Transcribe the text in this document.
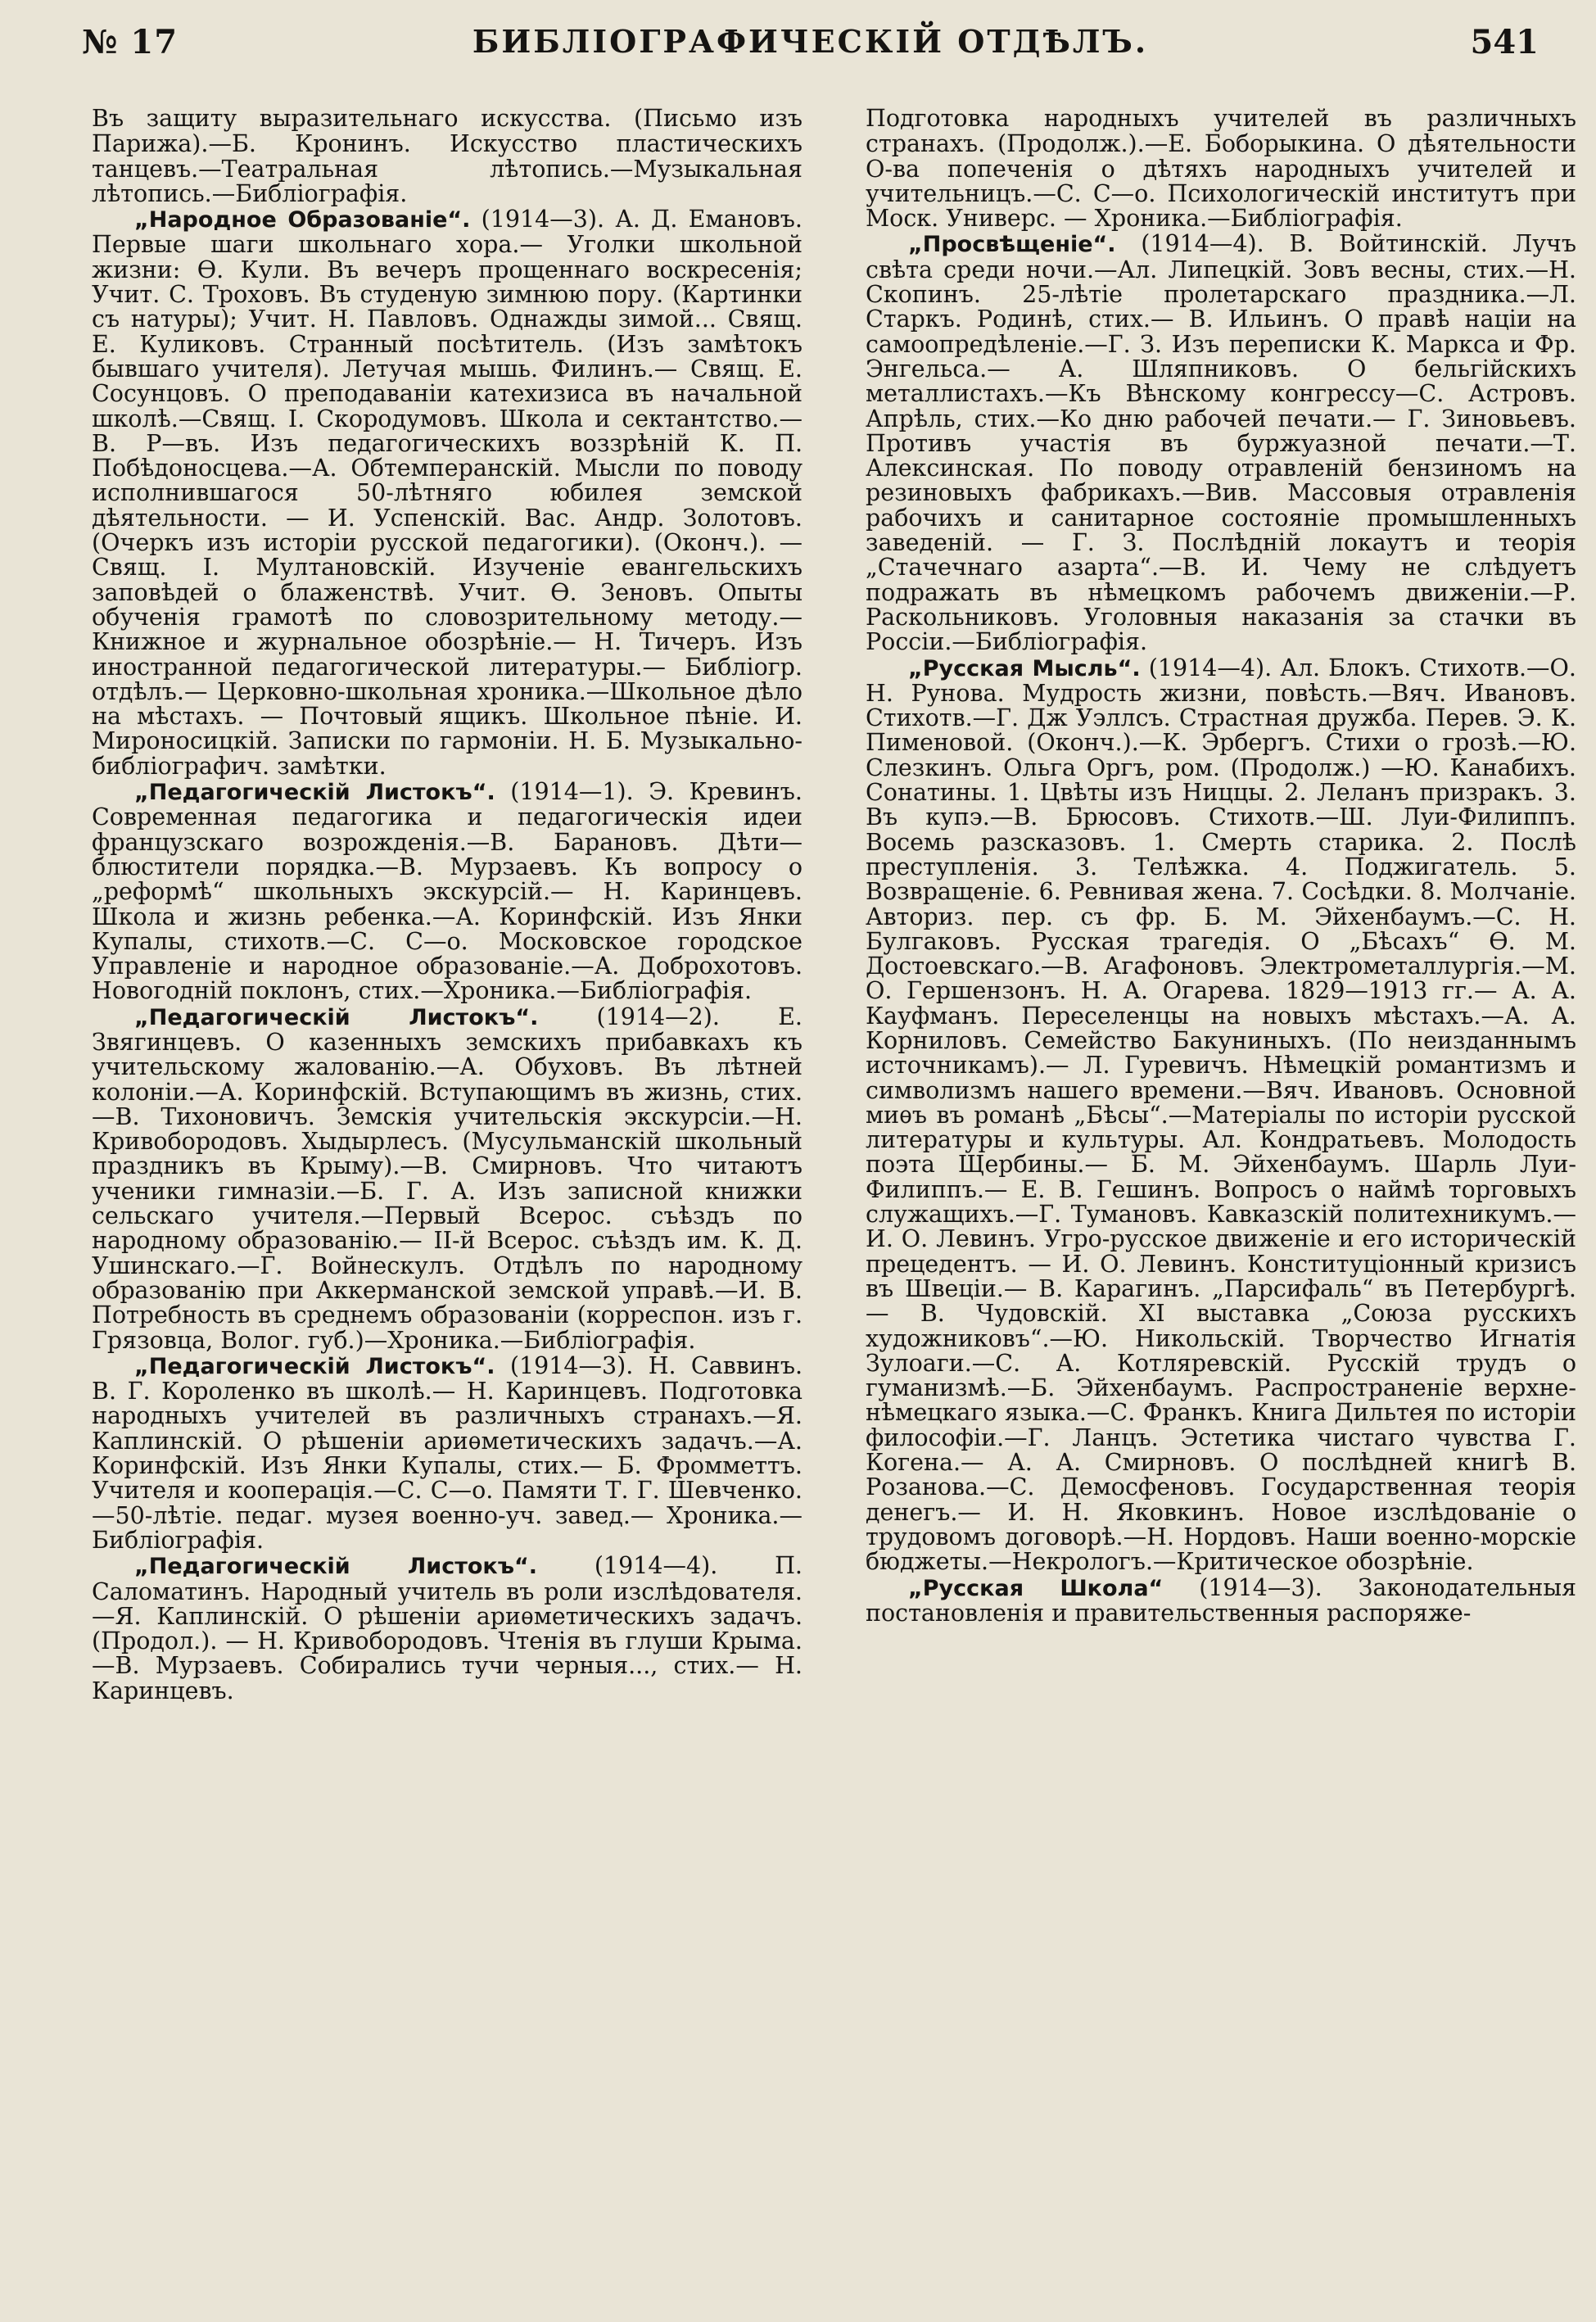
№ 17	БИБЛІОГРАФИЧЕСКІЙ ОТДѢЛЪ.	541

Въ защиту выразительнаго искусства. (Письмо изъ Парижа).—Б. Кронинъ. Искусство пластическихъ танцевъ.—Театральная лѣтопись.—Музыкальная лѣтопись.—Библіографія.

„Народное Образованіе“. (1914—3). А. Д. Емановъ. Первые шаги школьнаго хора.— Уголки школьной жизни: Ѳ. Кули. Въ вечеръ прощеннаго воскресенія; Учит. С. Троховъ. Въ студеную зимнюю пору. (Картинки съ натуры); Учит. Н. Павловъ. Однажды зимой... Свящ. Е. Куликовъ. Странный посѣтитель. (Изъ замѣтокъ бывшаго учителя). Летучая мышь. Филинъ.— Свящ. Е. Сосунцовъ. О преподаваніи катехизиса въ начальной школѣ.—Свящ. І. Скородумовъ. Школа и сектантство.— В. Р—въ. Изъ педагогическихъ воззрѣній К. П. Побѣдоносцева.—А. Обтемперанскій. Мысли по поводу исполнившагося 50-лѣтняго юбилея земской дѣятельности. — И. Успенскій. Вас. Андр. Золотовъ. (Очеркъ изъ исторіи русской педагогики). (Оконч.). — Свящ. І. Мултановскій. Изученіе евангельскихъ заповѣдей о блаженствѣ. Учит. Ѳ. Зеновъ. Опыты обученія грамотѣ по словозрительному методу.— Книжное и журнальное обозрѣніе.— Н. Тичеръ. Изъ иностранной педагогической литературы.— Библіогр. отдѣлъ.— Церковно-школьная хроника.—Школьное дѣло на мѣстахъ. — Почтовый ящикъ. Школьное пѣніе. И. Мироносицкій. Записки по гармоніи. Н. Б. Музыкально-библіографич. замѣтки.

„Педагогическій Листокъ“. (1914—1). Э. Кревинъ. Современная педагогика и педагогическія идеи французскаго возрожденія.—В. Барановъ. Дѣти—блюстители порядка.—В. Мурзаевъ. Къ вопросу о „реформѣ“ школьныхъ экскурсій.— Н. Каринцевъ. Школа и жизнь ребенка.—А. Коринфскій. Изъ Янки Купалы, стихотв.—С. С—о. Московское городское Управленіе и народное образованіе.—А. Доброхотовъ. Новогодній поклонъ, стих.—Хроника.—Библіографія.

„Педагогическій Листокъ“. (1914—2). Е. Звягинцевъ. О казенныхъ земскихъ прибавкахъ къ учительскому жалованію.—А. Обуховъ. Въ лѣтней колоніи.—А. Коринфскій. Вступающимъ въ жизнь, стих.—В. Тихоновичъ. Земскія учительскія экскурсіи.—Н. Кривобородовъ. Хыдырлесъ. (Мусульманскій школьный праздникъ въ Крыму).—В. Смирновъ. Что читаютъ ученики гимназіи.—Б. Г. А. Изъ записной книжки сельскаго учителя.—Первый Всерос. съѣздъ по народному образованію.— ІІ-й Всерос. съѣздъ им. К. Д. Ушинскаго.—Г. Войнескулъ. Отдѣлъ по народному образованію при Аккерманской земской управѣ.—И. В. Потребность въ среднемъ образованіи (корреспон. изъ г. Грязовца, Волог. губ.)—Хроника.—Библіографія.

„Педагогическій Листокъ“. (1914—3). Н. Саввинъ. В. Г. Короленко въ школѣ.— Н. Каринцевъ. Подготовка народныхъ учителей въ различныхъ странахъ.—Я. Каплинскій. О рѣшеніи ариѳметическихъ задачъ.—А. Коринфскій. Изъ Янки Купалы, стих.— Б. Фромметтъ. Учителя и кооперація.—С. С—о. Памяти Т. Г. Шевченко.—50-лѣтіе. педаг. музея военно-уч. завед.— Хроника.— Библіографія.

„Педагогическій Листокъ“. (1914—4). П. Саломатинъ. Народный учитель въ роли изслѣдователя.—Я. Каплинскій. О рѣшеніи ариѳметическихъ задачъ. (Продол.). — Н. Кривобородовъ. Чтенія въ глуши Крыма.—В. Мурзаевъ. Собирались тучи черныя..., стих.— Н. Каринцевъ.

Подготовка народныхъ учителей въ различныхъ странахъ. (Продолж.).—Е. Боборыкина. О дѣятельности О-ва попеченія о дѣтяхъ народныхъ учителей и учительницъ.—С. С—о. Психологическій институтъ при Моск. Универс. — Хроника.—Библіографія.

„Просвѣщеніе“. (1914—4). В. Войтинскій. Лучъ свѣта среди ночи.—Ал. Липецкій. Зовъ весны, стих.—Н. Скопинъ. 25-лѣтіе пролетарскаго праздника.—Л. Старкъ. Родинѣ, стих.— В. Ильинъ. О правѣ націи на самоопредѣленіе.—Г. З. Изъ переписки К. Маркса и Фр. Энгельса.— А. Шляпниковъ. О бельгійскихъ металлистахъ.—Къ Вѣнскому конгрессу—С. Астровъ. Апрѣль, стих.—Ко дню рабочей печати.— Г. Зиновьевъ. Противъ участія въ буржуазной печати.—Т. Алексинская. По поводу отравленій бензиномъ на резиновыхъ фабрикахъ.—Вив. Массовыя отравленія рабочихъ и санитарное состояніе промышленныхъ заведеній. — Г. З. Послѣдній локаутъ и теорія „Стачечнаго азарта“.—В. И. Чему не слѣдуетъ подражать въ нѣмецкомъ рабочемъ движеніи.—Р. Раскольниковъ. Уголовныя наказанія за стачки въ Россіи.—Библіографія.

„Русская Мысль“. (1914—4). Ал. Блокъ. Стихотв.—О. Н. Рунова. Мудрость жизни, повѣсть.—Вяч. Ивановъ. Стихотв.—Г. Дж Уэллсъ. Страстная дружба. Перев. Э. К. Пименовой. (Оконч.).—К. Эрбергъ. Стихи о грозѣ.—Ю. Слезкинъ. Ольга Оргъ, ром. (Продолж.) —Ю. Канабихъ. Сонатины. 1. Цвѣты изъ Ниццы. 2. Леланъ призракъ. 3. Въ купэ.—В. Брюсовъ. Стихотв.—Ш. Луи-Филиппъ. Восемь разсказовъ. 1. Смерть старика. 2. Послѣ преступленія. 3. Телѣжка. 4. Поджигатель. 5. Возвращеніе. 6. Ревнивая жена. 7. Сосѣдки. 8. Молчаніе. Авториз. пер. съ фр. Б. М. Эйхенбаумъ.—С. Н. Булгаковъ. Русская трагедія. О „Бѣсахъ“ Ѳ. М. Достоевскаго.—В. Агафоновъ. Электрометаллургія.—М. О. Гершензонъ. Н. А. Огарева. 1829—1913 гг.— А. А. Кауфманъ. Переселенцы на новыхъ мѣстахъ.—А. А. Корниловъ. Семейство Бакуниныхъ. (По неизданнымъ источникамъ).— Л. Гуревичъ. Нѣмецкій романтизмъ и символизмъ нашего времени.—Вяч. Ивановъ. Основной миѳъ въ романѣ „Бѣсы“.—Матеріалы по исторіи русской литературы и культуры. Ал. Кондратьевъ. Молодость поэта Щербины.— Б. М. Эйхенбаумъ. Шарль Луи-Филиппъ.— Е. В. Гешинъ. Вопросъ о наймѣ торговыхъ служащихъ.—Г. Тумановъ. Кавказскій политехникумъ.—И. О. Левинъ. Угро-русское движеніе и его историческій прецедентъ. — И. О. Левинъ. Конституціонный кризисъ въ Швеціи.— В. Карагинъ. „Парсифаль“ въ Петербургѣ.— В. Чудовскій. ХІ выставка „Союза русскихъ художниковъ“.—Ю. Никольскій. Творчество Игнатія Зулоаги.—С. А. Котляревскій. Русскій трудъ о гуманизмѣ.—Б. Эйхенбаумъ. Распространеніе верхне-нѣмецкаго языка.—С. Франкъ. Книга Дильтея по исторіи философіи.—Г. Ланцъ. Эстетика чистаго чувства Г. Когена.— А. А. Смирновъ. О послѣдней книгѣ В. Розанова.—С. Демосфеновъ. Государственная теорія денегъ.— И. Н. Яковкинъ. Новое изслѣдованіе о трудовомъ договорѣ.—Н. Нордовъ. Наши военно-морскіе бюджеты.—Некрологъ.—Критическое обозрѣніе.

„Русская Школа“ (1914—3). Законодательныя постановленія и правительственныя распоряже-
